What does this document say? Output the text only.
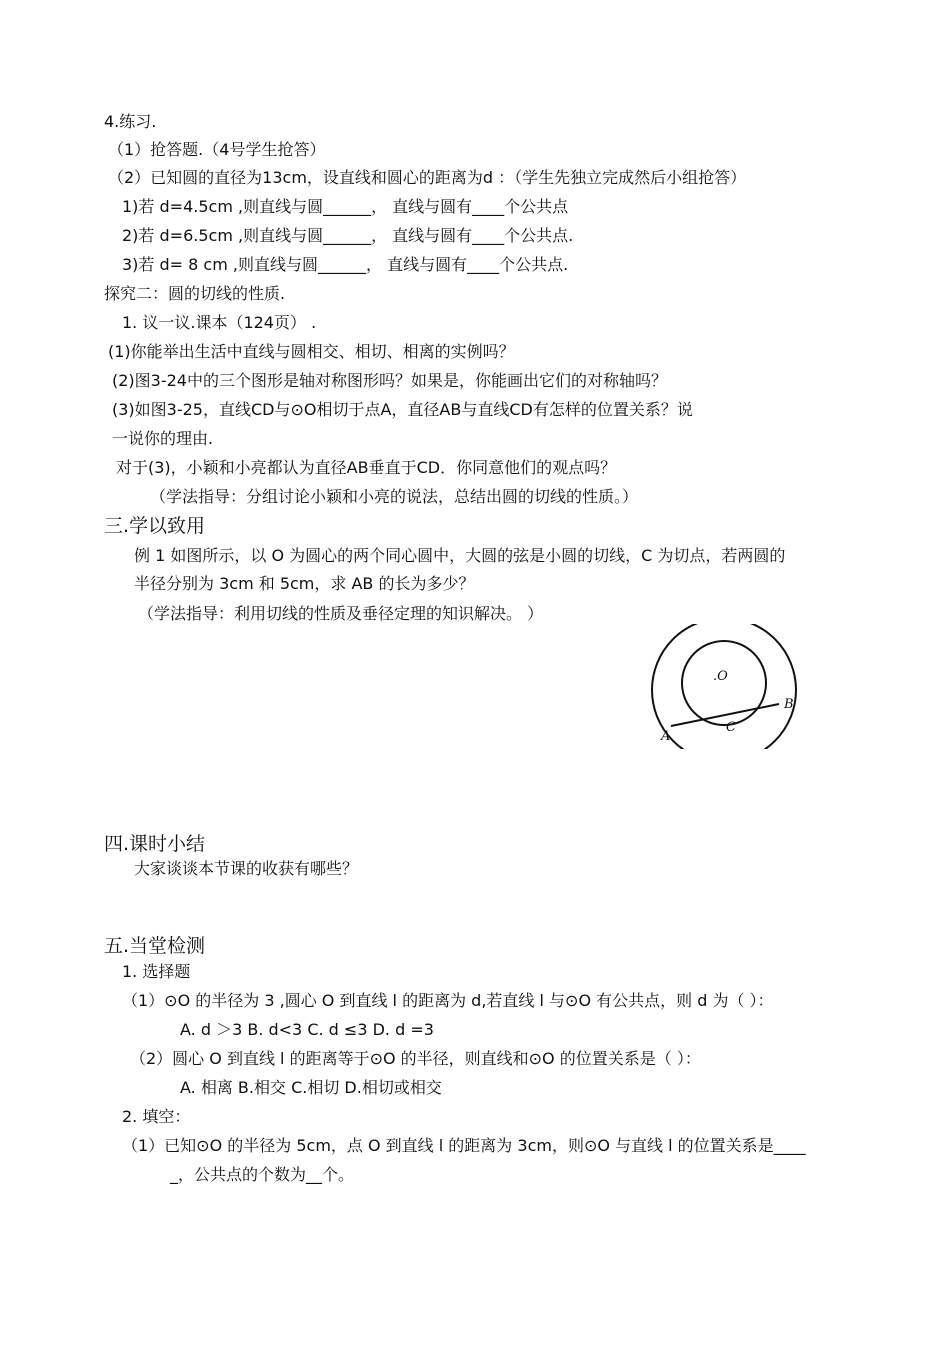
4.练习.
（1）抢答题.（4号学生抢答）
（2）已知圆的直径为13cm，设直线和圆心的距离为d ：（学生先独立完成然后小组抢答）
1)若 d=4.5cm ,则直线与圆______， 直线与圆有____个公共点
2)若 d=6.5cm ,则直线与圆______， 直线与圆有____个公共点.
3)若 d= 8 cm ,则直线与圆______， 直线与圆有____个公共点.
探究二：圆的切线的性质.
1. 议一议.课本（124页） .
(1)你能举出生活中直线与圆相交、相切、相离的实例吗？
(2)图3-24中的三个图形是轴对称图形吗？如果是，你能画出它们的对称轴吗？
(3)如图3-25，直线CD与⊙O相切于点A，直径AB与直线CD有怎样的位置关系？说
一说你的理由.
对于(3)，小颖和小亮都认为直径AB垂直于CD．你同意他们的观点吗？
（学法指导：分组讨论小颖和小亮的说法，总结出圆的切线的性质。）
三.学以致用
例 1 如图所示，以 O 为圆心的两个同心圆中，大圆的弦是小圆的切线，C 为切点，若两圆的
半径分别为 3cm 和 5cm，求 AB 的长为多少？
（学法指导：利用切线的性质及垂径定理的知识解决。 ）
.O
A
B
C
四.课时小结
大家谈谈本节课的收获有哪些？
五.当堂检测
1. 选择题
（1）⊙O 的半径为 3 ,圆心 O 到直线 l 的距离为 d,若直线 l 与⊙O 有公共点，则 d 为（ ）：
A. d ＞3 B. d<3 C. d ≤3 D. d =3
（2）圆心 O 到直线 l 的距离等于⊙O 的半径，则直线和⊙O 的位置关系是（ ）：
A. 相离 B.相交 C.相切 D.相切或相交
2. 填空：
（1）已知⊙O 的半径为 5cm，点 O 到直线 l 的距离为 3cm，则⊙O 与直线 l 的位置关系是____
_，公共点的个数为__个。
